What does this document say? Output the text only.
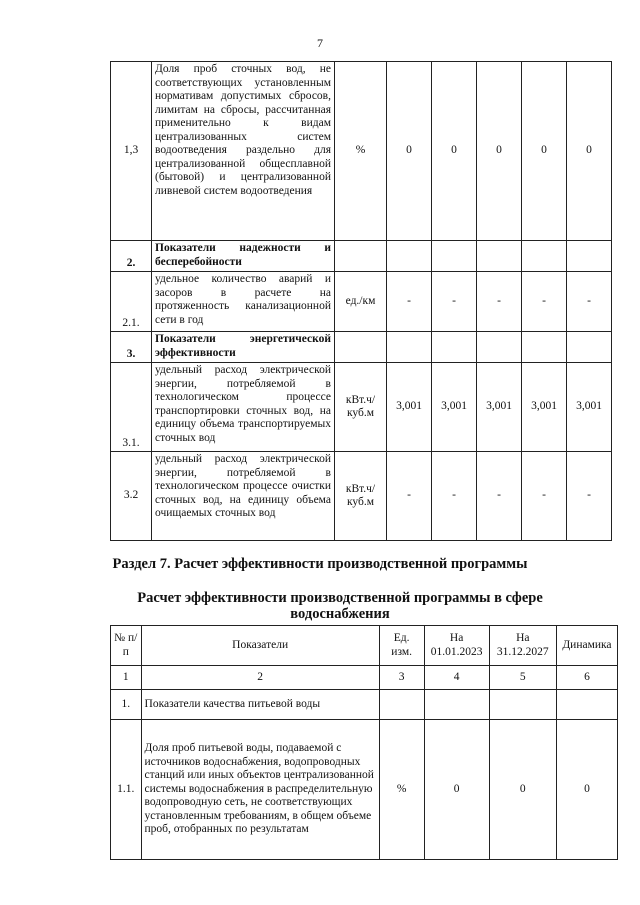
7
1,3	Доля проб сточных вод, не соответствующих установленным нормативам допустимых сбросов, лимитам на сбросы, рассчитанная применительно к видам централизованных систем водоотведения раздельно для централизованной общесплавной (бытовой) и централизованной ливневой систем водоотведения	%	0	0	0	0	0
2.	Показатели надежности и бесперебойности						
2.1.	удельное количество аварий и засоров в расчете на протяженность канализационной сети в год	ед./км	-	-	-	-	-
3.	Показатели энергетической эффективности						
3.1.	удельный расход электрической энергии, потребляемой в технологическом процессе транспортировки сточных вод, на единицу объема транспортируемых сточных вод	кВт.ч/ куб.м	3,001	3,001	3,001	3,001	3,001
3.2	удельный расход электрической энергии, потребляемой в технологическом процессе очистки сточных вод, на единицу объема очищаемых сточных вод	кВт.ч/ куб.м	-	-	-	-	-
Раздел 7. Расчет эффективности производственной программы
Расчет эффективности производственной программы в сфере водоснабжения
№ п/п	Показатели	Ед. изм.	На 01.01.2023	На 31.12.2027	Динамика
1	2	3	4	5	6
1.	Показатели качества питьевой воды				
1.1.	Доля проб питьевой воды, подаваемой с источников водоснабжения, водопроводных станций или иных объектов централизованной системы водоснабжения в распределительную водопроводную сеть, не соответствующих установленным требованиям, в общем объеме проб, отобранных по результатам	%	0	0	0
